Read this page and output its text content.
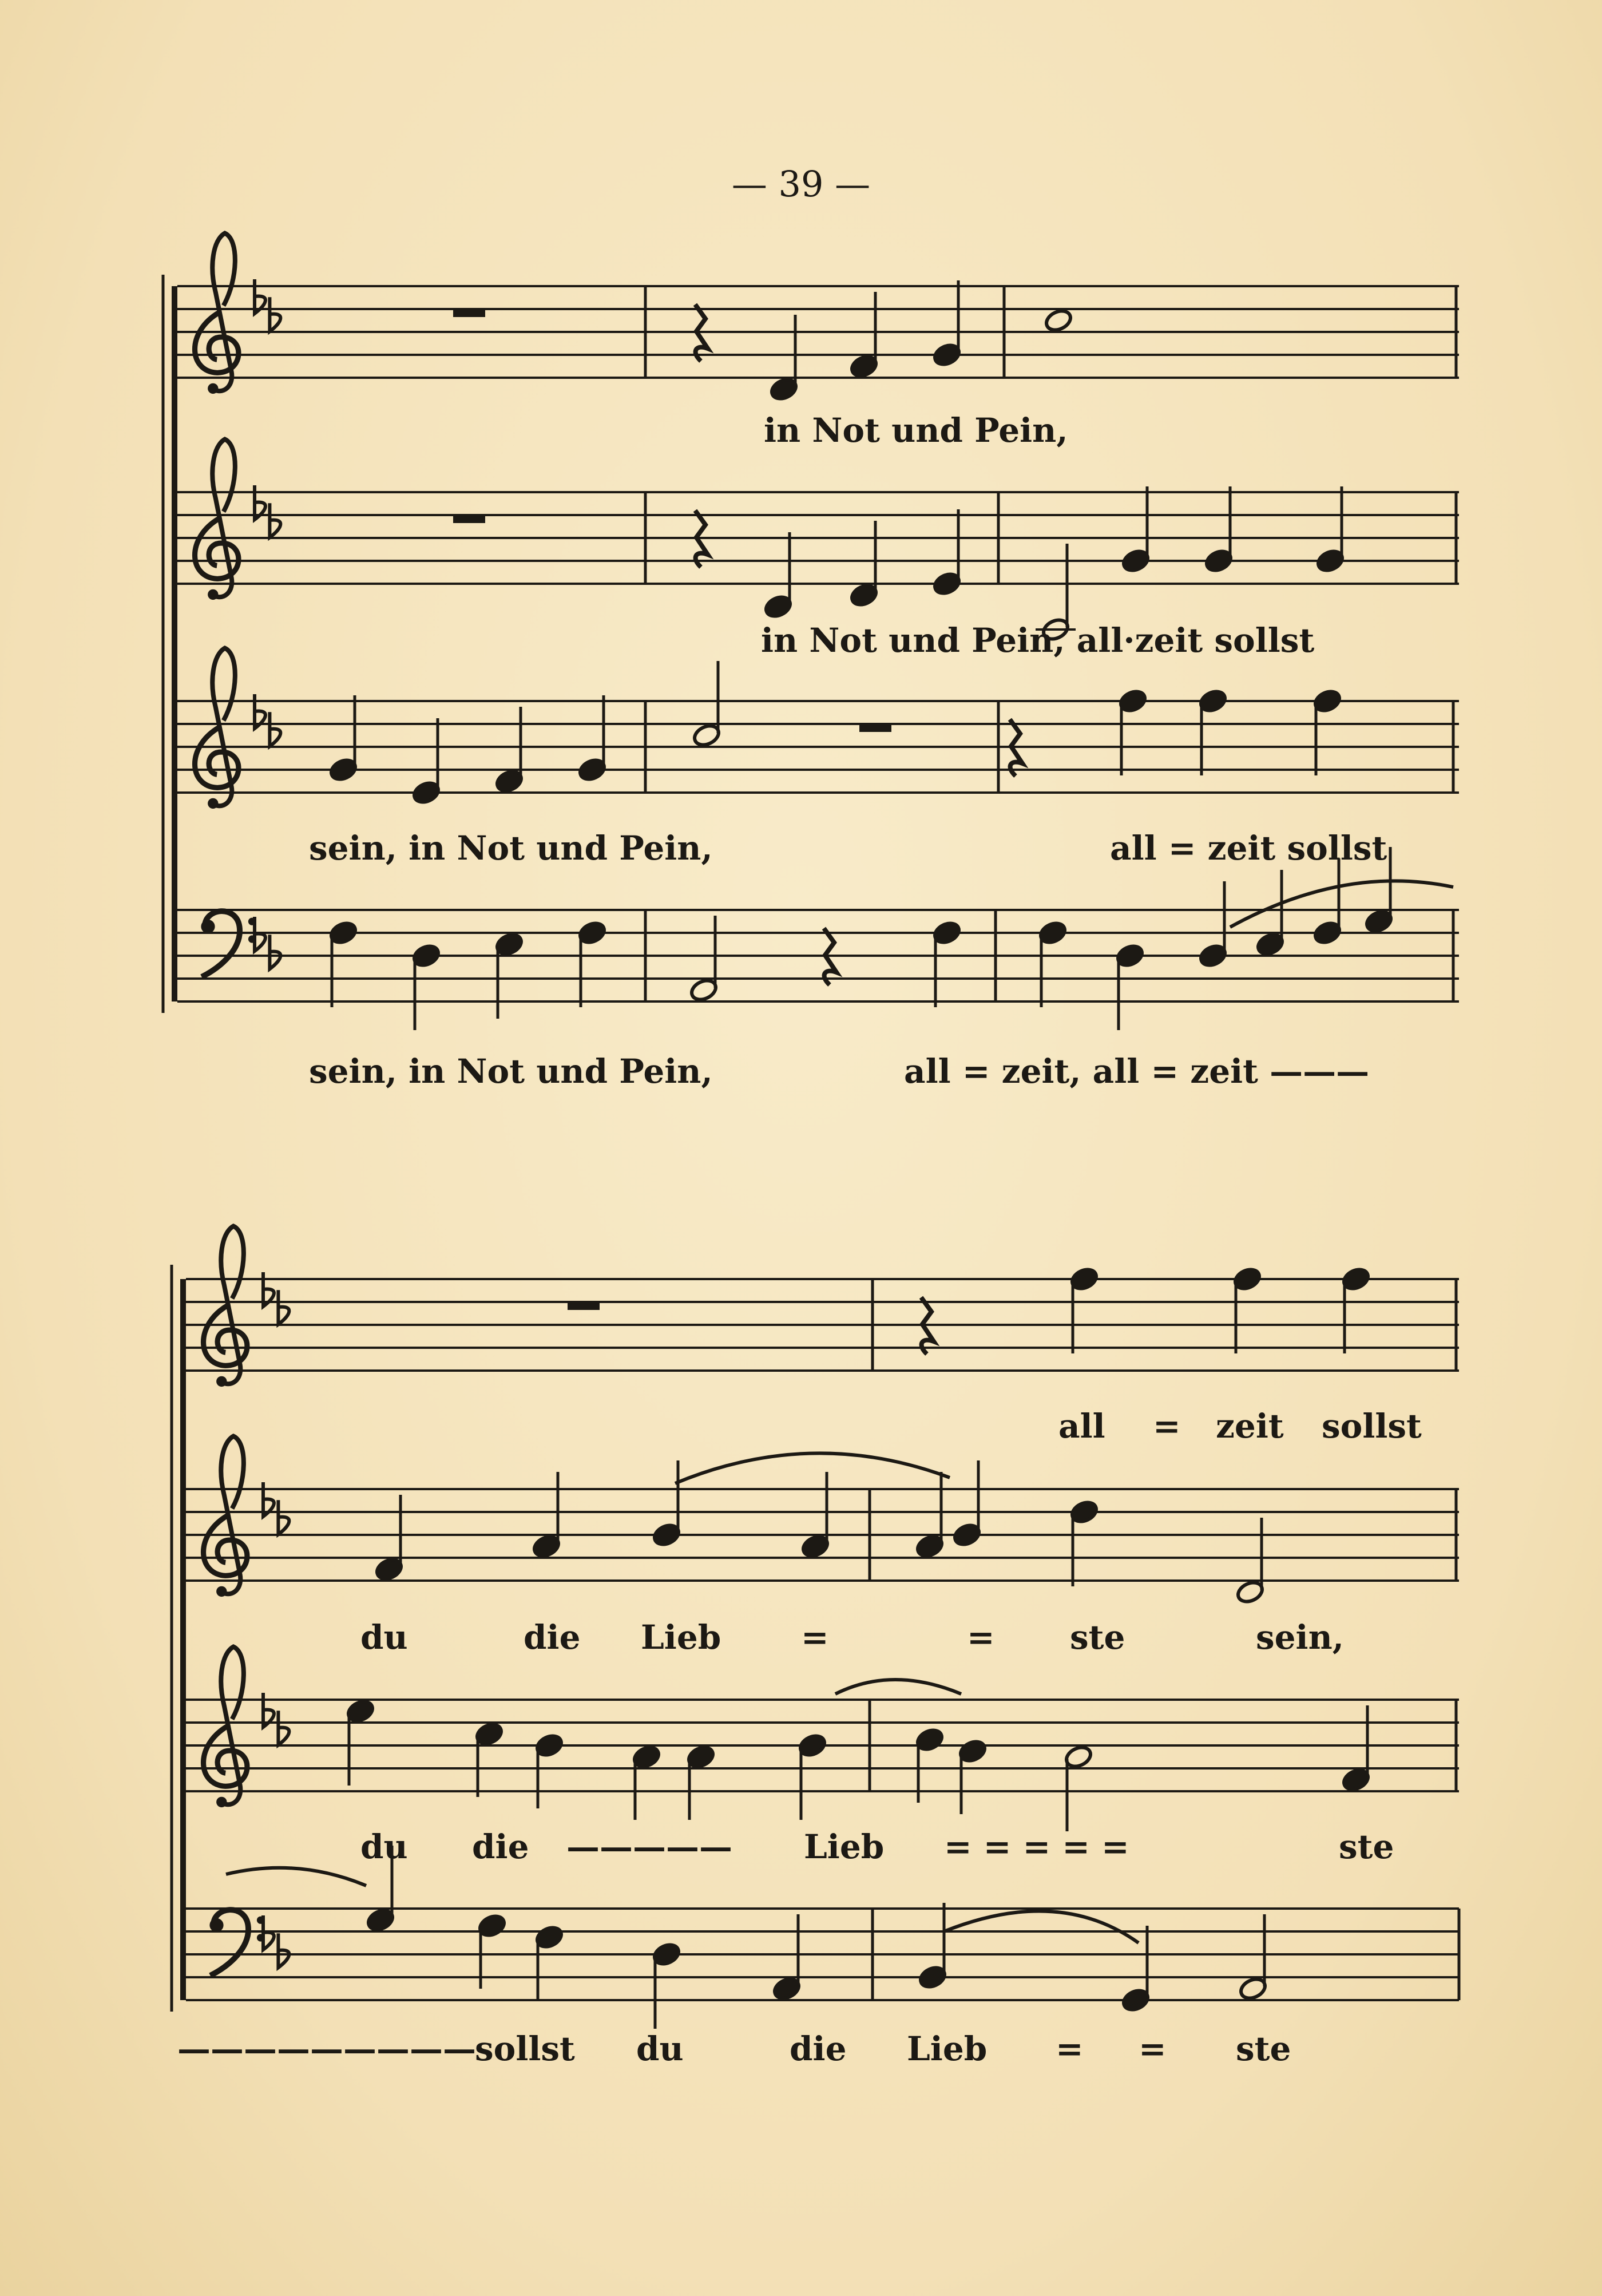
— 39 —
in Not und Pein,
in Not und Pein, all·zeit sollst
sein, in Not und Pein,	all = zeit sollst
sein, in Not und Pein,	all = zeit, all = zeit ———
all = zeit sollst
du	die Lieb =	= ste	sein,
du die ————— Lieb = = = = =	ste
—————————
sollst du	die Lieb = = ste
